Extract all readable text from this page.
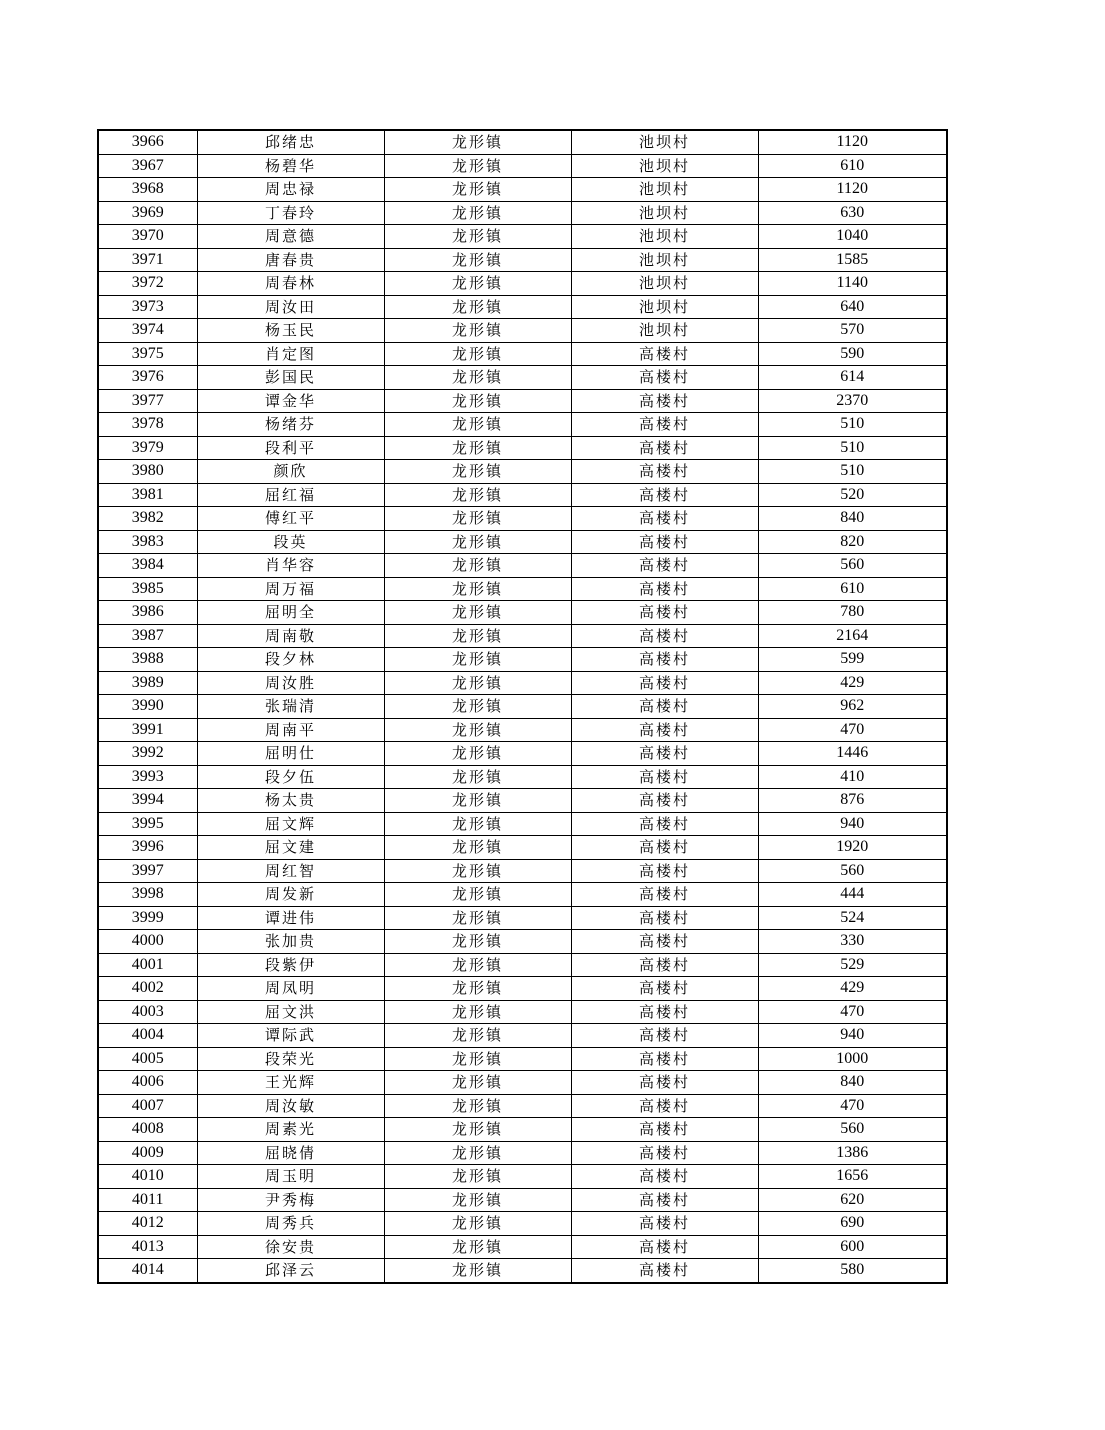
3966	邱绪忠	龙形镇	池坝村	1120
3967	杨碧华	龙形镇	池坝村	610
3968	周忠禄	龙形镇	池坝村	1120
3969	丁春玲	龙形镇	池坝村	630
3970	周意德	龙形镇	池坝村	1040
3971	唐春贵	龙形镇	池坝村	1585
3972	周春林	龙形镇	池坝村	1140
3973	周汝田	龙形镇	池坝村	640
3974	杨玉民	龙形镇	池坝村	570
3975	肖定图	龙形镇	高楼村	590
3976	彭国民	龙形镇	高楼村	614
3977	谭金华	龙形镇	高楼村	2370
3978	杨绪芬	龙形镇	高楼村	510
3979	段利平	龙形镇	高楼村	510
3980	颜欣	龙形镇	高楼村	510
3981	屈红福	龙形镇	高楼村	520
3982	傅红平	龙形镇	高楼村	840
3983	段英	龙形镇	高楼村	820
3984	肖华容	龙形镇	高楼村	560
3985	周万福	龙形镇	高楼村	610
3986	屈明全	龙形镇	高楼村	780
3987	周南敬	龙形镇	高楼村	2164
3988	段夕林	龙形镇	高楼村	599
3989	周汝胜	龙形镇	高楼村	429
3990	张瑞清	龙形镇	高楼村	962
3991	周南平	龙形镇	高楼村	470
3992	屈明仕	龙形镇	高楼村	1446
3993	段夕伍	龙形镇	高楼村	410
3994	杨太贵	龙形镇	高楼村	876
3995	屈文辉	龙形镇	高楼村	940
3996	屈文建	龙形镇	高楼村	1920
3997	周红智	龙形镇	高楼村	560
3998	周发新	龙形镇	高楼村	444
3999	谭进伟	龙形镇	高楼村	524
4000	张加贵	龙形镇	高楼村	330
4001	段紫伊	龙形镇	高楼村	529
4002	周凤明	龙形镇	高楼村	429
4003	屈文洪	龙形镇	高楼村	470
4004	谭际武	龙形镇	高楼村	940
4005	段荣光	龙形镇	高楼村	1000
4006	王光辉	龙形镇	高楼村	840
4007	周汝敏	龙形镇	高楼村	470
4008	周素光	龙形镇	高楼村	560
4009	屈晓倩	龙形镇	高楼村	1386
4010	周玉明	龙形镇	高楼村	1656
4011	尹秀梅	龙形镇	高楼村	620
4012	周秀兵	龙形镇	高楼村	690
4013	徐安贵	龙形镇	高楼村	600
4014	邱泽云	龙形镇	高楼村	580
